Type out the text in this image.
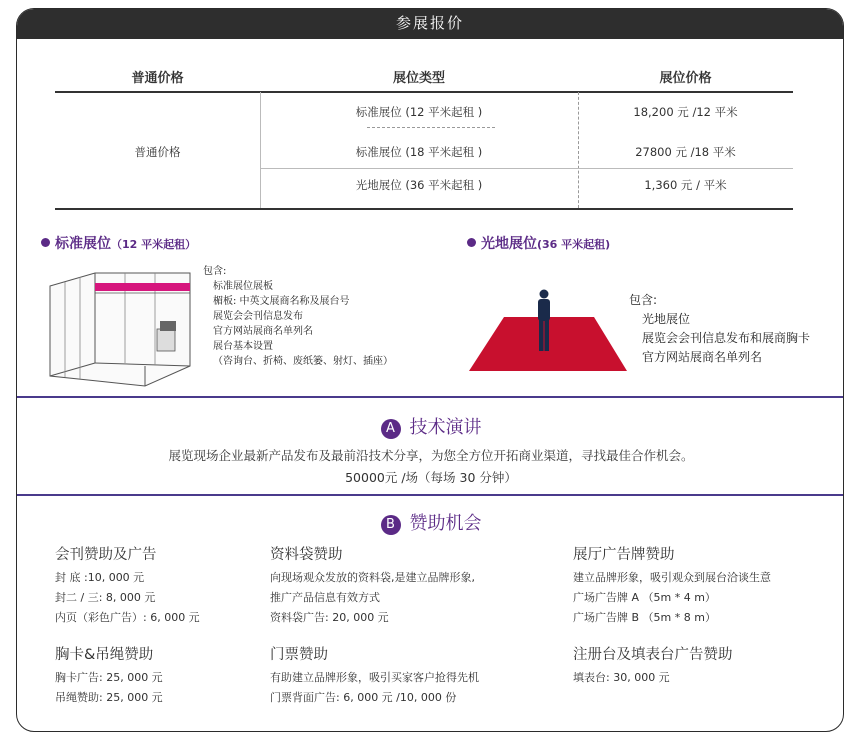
参展报价
普通价格	展位类型	展位价格
普通价格
标准展位 (12 平米起租 )	18,200 元 /12 平米
标准展位 (18 平米起租 )	27800 元 /18 平米
光地展位 (36 平米起租 )	1,360 元 / 平米
标准展位（12 平米起租）
包含:
标准展位展板
楣板: 中英文展商名称及展台号
展览会会刊信息发布
官方网站展商名单列名
展台基本设置
（咨询台、折椅、废纸篓、射灯、插座）
光地展位(36 平米起租)
包含:
光地展位
展览会会刊信息发布和展商胸卡
官方网站展商名单列名
A 技术演讲
展览现场企业最新产品发布及最前沿技术分享，为您全方位开拓商业渠道，寻找最佳合作机会。
50000元 /场（每场 30 分钟）
B 赞助机会
会刊赞助及广告
封 底 :10, 000 元
封二 / 三: 8, 000 元
内页（彩色广告）: 6, 000 元
资料袋赞助
向现场观众发放的资料袋,是建立品牌形象,
推广产品信息有效方式
资料袋广告: 20, 000 元
展厅广告牌赞助
建立品牌形象，吸引观众到展台洽谈生意
广场广告牌 A （5m * 4 m）
广场广告牌 B （5m * 8 m）
胸卡&吊绳赞助
胸卡广告: 25, 000 元
吊绳赞助: 25, 000 元
门票赞助
有助建立品牌形象，吸引买家客户抢得先机
门票背面广告: 6, 000 元 /10, 000 份
注册台及填表台广告赞助
填表台: 30, 000 元
